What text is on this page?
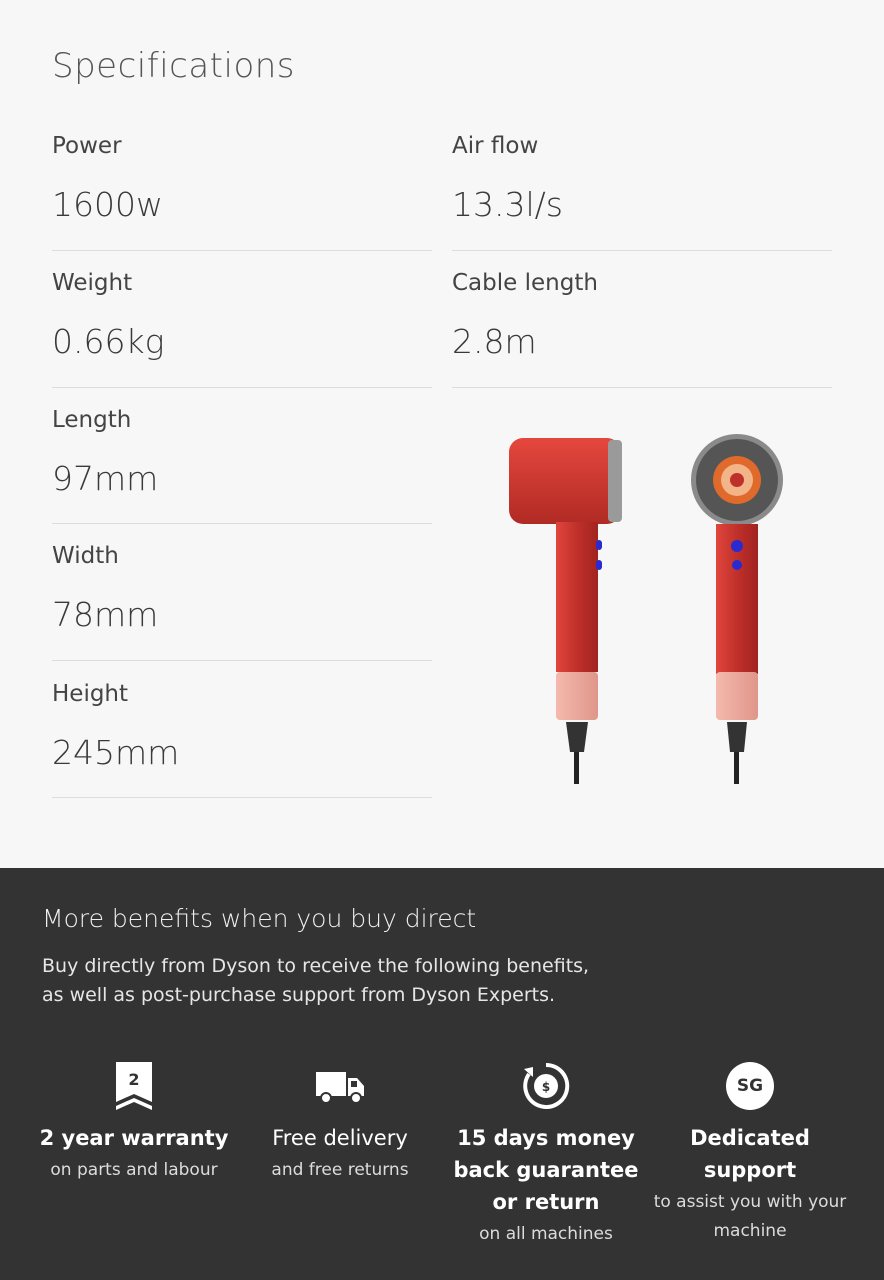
Specifications
Power
1600w
Air flow
13.3l/s
Weight
0.66kg
Cable length
2.8m
Length
97mm
Width
78mm
Height
245mm
More benefits when you buy direct
Buy directly from Dyson to receive the following benefits, as well as post-purchase support from Dyson Experts.
2
2 year warranty
on parts and labour
Free delivery
and free returns
$
15 days money back guarantee or return
on all machines
SG
Dedicated support
to assist you with your machine
